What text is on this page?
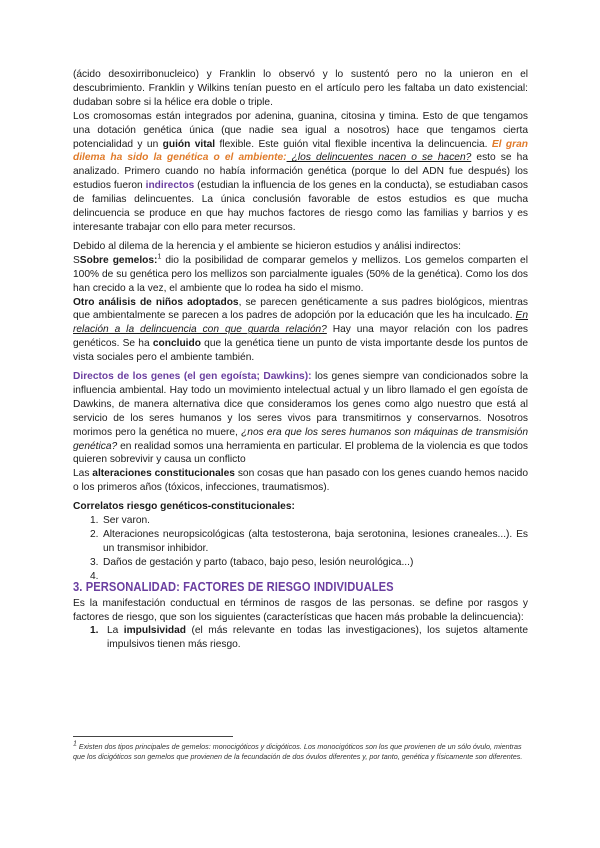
(ácido desoxirribonucleico) y Franklin lo observó y lo sustentó pero no la unieron en el descubrimiento. Franklin y Wilkins tenían puesto en el artículo pero les faltaba un dato existencial: dudaban sobre si la hélice era doble o triple.

Los cromosomas están integrados por adenina, guanina, citosina y timina. Esto de que tengamos una dotación genética única (que nadie sea igual a nosotros) hace que tengamos cierta potencialidad y un guión vital flexible. Este guión vital flexible incentiva la delincuencia. El gran dilema ha sido la genética o el ambiente: ¿los delincuentes nacen o se hacen? esto se ha analizado. Primero cuando no había información genética (porque lo del ADN fue después) los estudios fueron indirectos (estudian la influencia de los genes en la conducta), se estudiaban casos de familias delincuentes. La única conclusión favorable de estos estudios es que mucha delincuencia se produce en que hay muchos factores de riesgo como las familias y barrios y es interesante trabajar con ello para meter recursos.

Debido al dilema de la herencia y el ambiente se hicieron estudios y análisi indirectos:
SSobre gemelos:$^1$ dio la posibilidad de comparar gemelos y mellizos. Los gemelos comparten el 100% de su genética pero los mellizos son parcialmente iguales (50% de la genética). Como los dos han crecido a la vez, el ambiente que lo rodea ha sido el mismo.
Otro análisis de niños adoptados, se parecen genéticamente a sus padres biológicos, mientras que ambientalmente se parecen a los padres de adopción por la educación que les ha inculcado. En relación a la delincuencia con que guarda relación? Hay una mayor relación con los padres genéticos. Se ha concluido que la genética tiene un punto de vista importante desde los puntos de vista sociales pero el ambiente también.

Directos de los genes (el gen egoísta; Dawkins): los genes siempre van condicionados sobre la influencia ambiental. Hay todo un movimiento intelectual actual y un libro llamado el gen egoísta de Dawkins, de manera alternativa dice que consideramos los genes como algo nuestro que está al servicio de los seres humanos y los seres vivos para transmitirnos y conservarnos. Nosotros morimos pero la genética no muere, ¿nos era que los seres humanos son máquinas de transmisión genética? en realidad somos una herramienta en particular. El problema de la violencia es que todos quieren sobrevivir y causa un conflicto
Las alteraciones constitucionales son cosas que han pasado con los genes cuando hemos nacido o los primeros años (tóxicos, infecciones, traumatismos).

Correlatos riesgo genéticos-constitucionales:

1. Ser varon.
2. Alteraciones neuropsicológicas (alta testosterona, baja serotonina, lesiones craneales...). Es un transmisor inhibidor.
3. Daños de gestación y parto (tabaco, bajo peso, lesión neurológica...)
4.
3. PERSONALIDAD: FACTORES DE RIESGO INDIVIDUALES

Es la manifestación conductual en términos de rasgos de las personas. se define por rasgos y factores de riesgo, que son los siguientes (características que hacen más probable la delincuencia):

1. La impulsividad (el más relevante en todas las investigaciones), los sujetos altamente impulsivos tienen más riesgo.
$^1$ Existen dos tipos principales de gemelos: monocigóticos y dicigóticos. Los monocigóticos son los que provienen de un sólo óvulo, mientras que los dicigóticos son gemelos que provienen de la fecundación de dos óvulos diferentes y, por tanto, genética y físicamente son diferentes.
